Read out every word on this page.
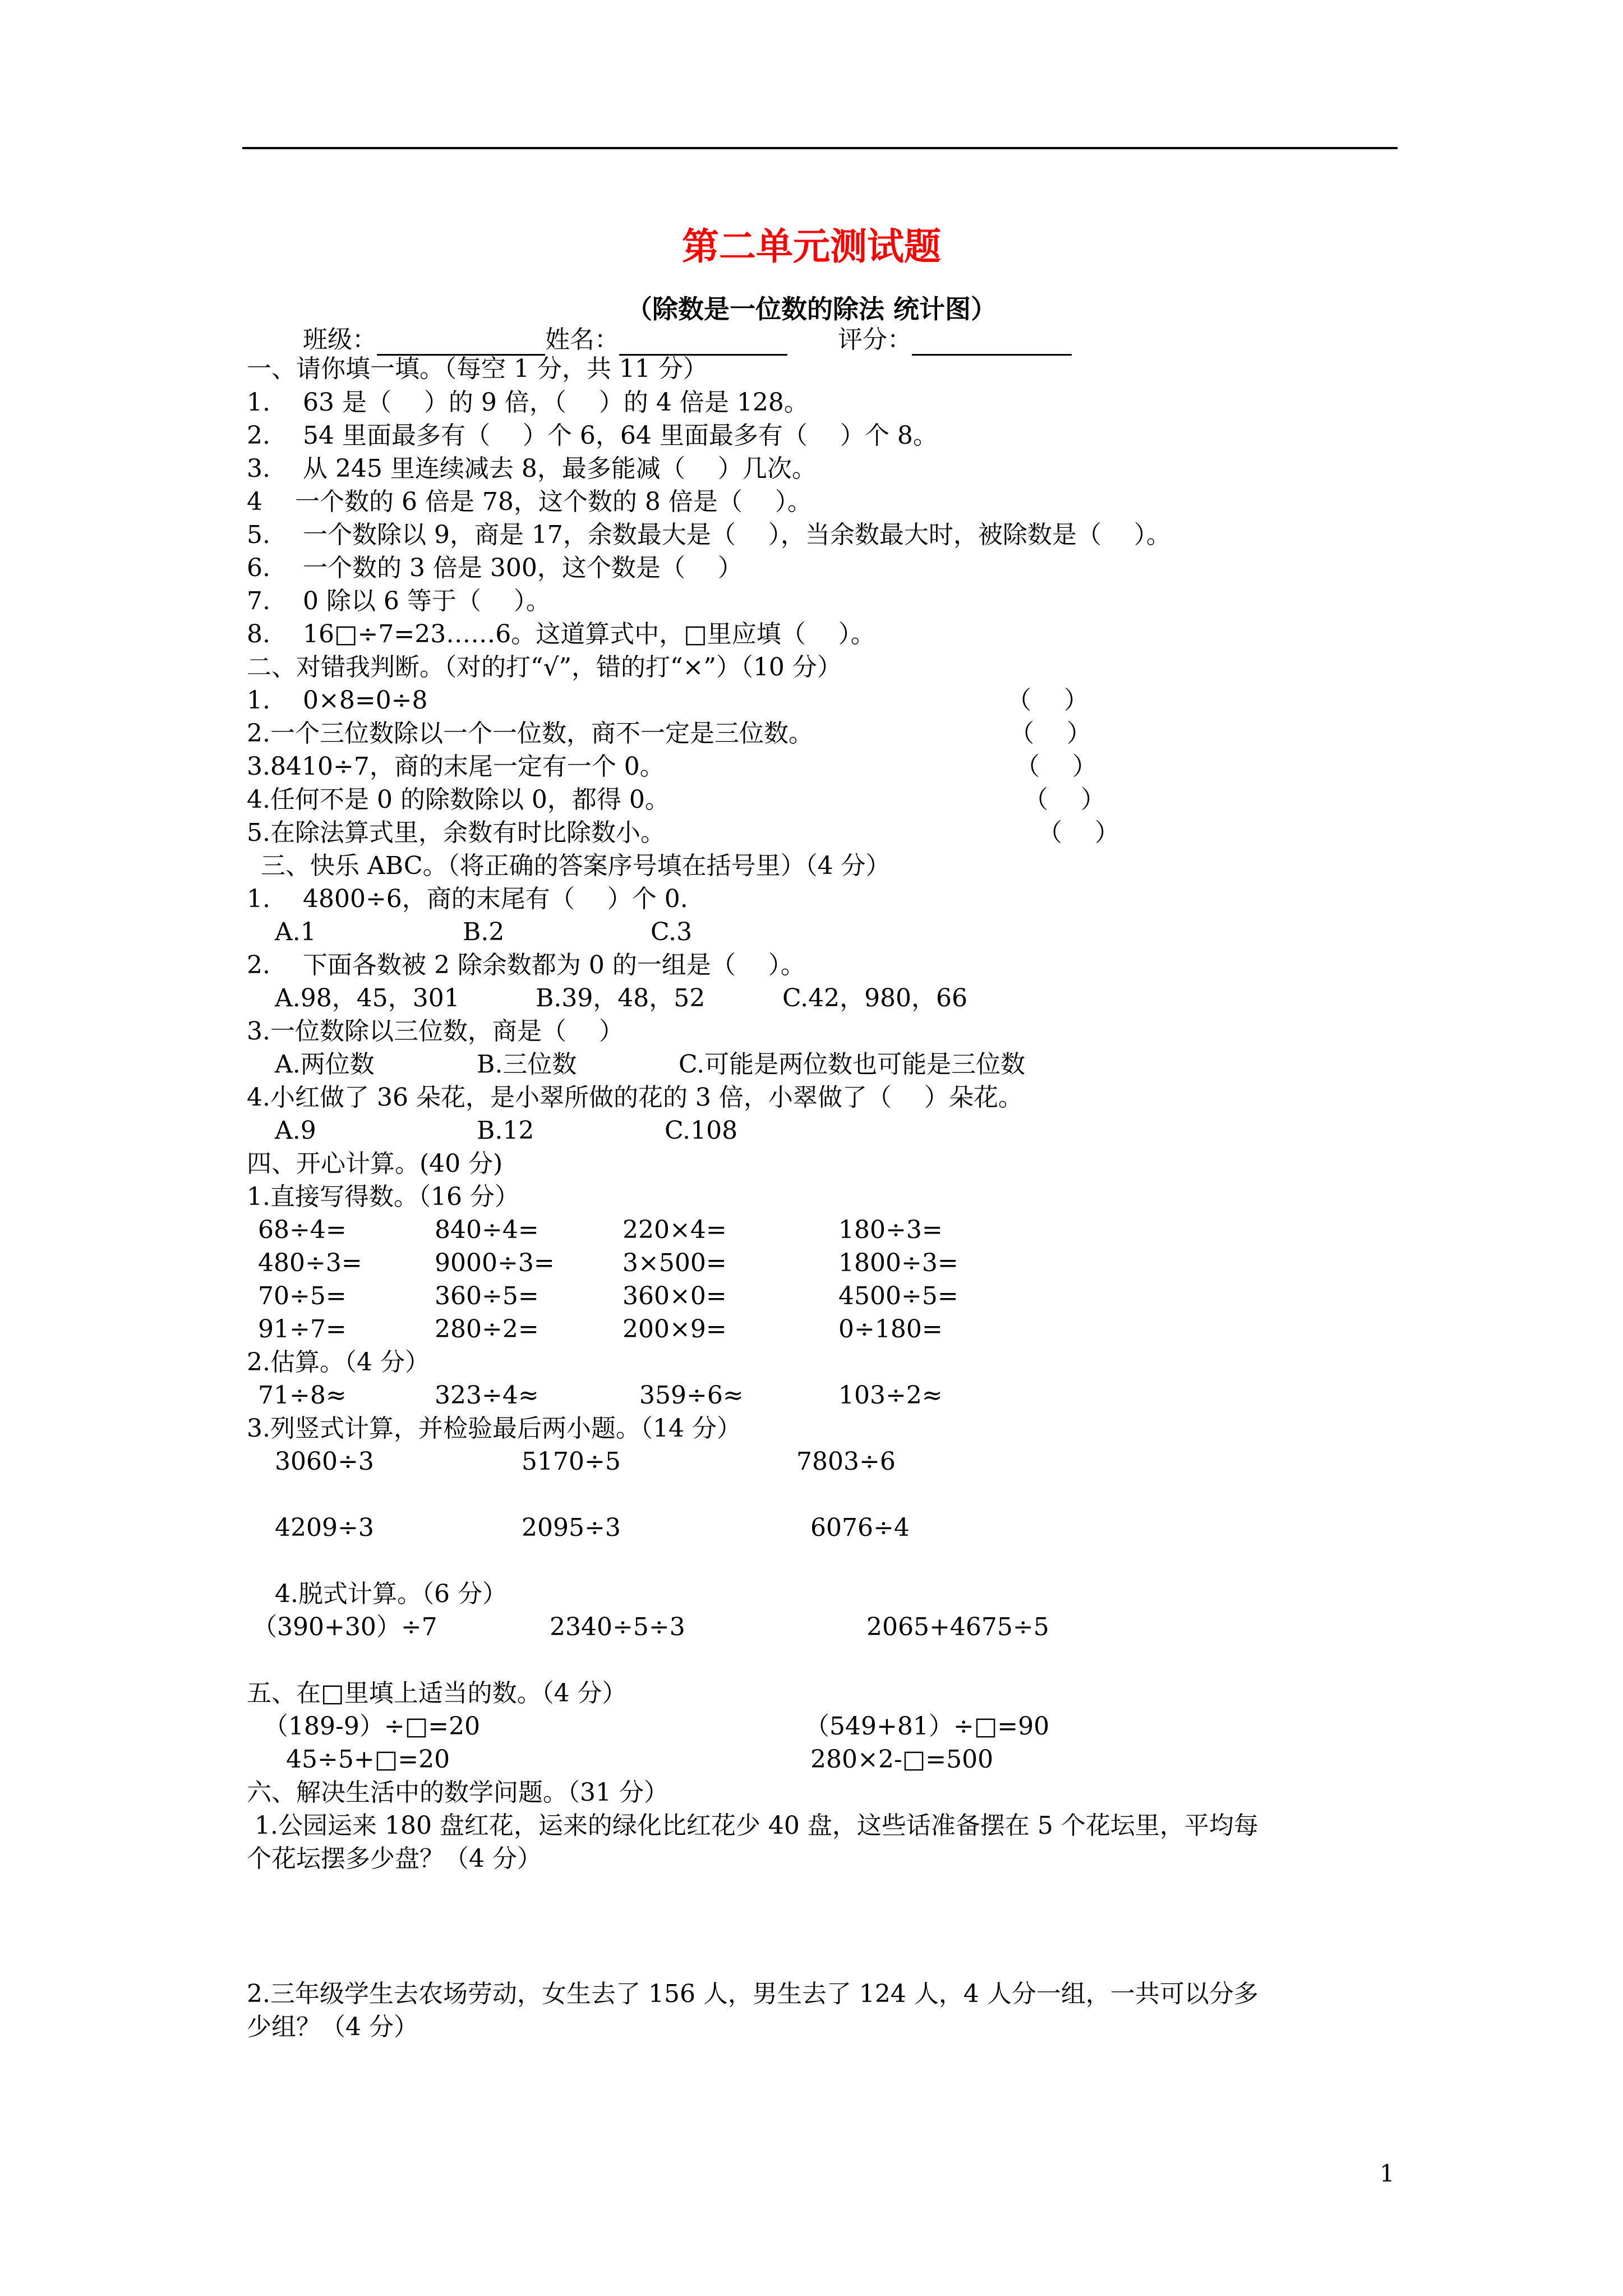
第二单元测试题
（除数是一位数的除法 统计图）
班级：	姓名：	评分：
一、请你填一填。（每空 1 分，共 11 分）
1.　 63 是（　 ）的 9 倍，（　 ）的 4 倍是 128。
2.　 54 里面最多有（　 ）个 6，64 里面最多有（　 ）个 8。
3.　 从 245 里连续减去 8，最多能减（　 ）几次。
4　 一个数的 6 倍是 78，这个数的 8 倍是（　 ）。
5.　 一个数除以 9，商是 17，余数最大是（　 ），当余数最大时，被除数是（　 ）。
6.　 一个数的 3 倍是 300，这个数是（　 ）
7.　 0 除以 6 等于（　 ）。
8.　 16□÷7=23……6。这道算式中，□里应填（　 ）。
二、对错我判断。（对的打“√”，错的打“×”）（10 分）
1.　 0×8=0÷8	（　 ）
2.一个三位数除以一个一位数，商不一定是三位数。	（　 ）
3.8410÷7，商的末尾一定有一个 0。	（　 ）
4.任何不是 0 的除数除以 0，都得 0。	（　 ）
5.在除法算式里，余数有时比除数小。	（　 ）
三、快乐 ABC。（将正确的答案序号填在括号里）（4 分）
1.　 4800÷6，商的末尾有（　 ）个 0.
A.1	B.2	C.3
2.　 下面各数被 2 除余数都为 0 的一组是（　 ）。
A.98，45，301	B.39，48，52	C.42，980，66
3.一位数除以三位数，商是（　 ）
A.两位数	B.三位数	C.可能是两位数也可能是三位数
4.小红做了 36 朵花，是小翠所做的花的 3 倍，小翠做了（　 ）朵花。
A.9	B.12	C.108
四、开心计算。(40 分)
1.直接写得数。（16 分）
68÷4=	840÷4=	220×4=	180÷3=
480÷3=	9000÷3=	3×500=	1800÷3=
70÷5=	360÷5=	360×0=	4500÷5=
91÷7=	280÷2=	200×9=	0÷180=
2.估算。（4 分）
71÷8≈	323÷4≈	359÷6≈	103÷2≈
3.列竖式计算，并检验最后两小题。（14 分）
3060÷3	5170÷5	7803÷6
4209÷3	2095÷3	6076÷4
4.脱式计算。（6 分）
（390+30）÷7	2340÷5÷3	2065+4675÷5
五、在□里填上适当的数。（4 分）
（189-9）÷□=20	（549+81）÷□=90
45÷5+□=20	280×2-□=500
六、解决生活中的数学问题。（31 分）
1.公园运来 180 盘红花，运来的绿化比红花少 40 盘，这些话准备摆在 5 个花坛里，平均每
个花坛摆多少盘？（4 分）
2.三年级学生去农场劳动，女生去了 156 人，男生去了 124 人，4 人分一组，一共可以分多
少组？（4 分）
1
